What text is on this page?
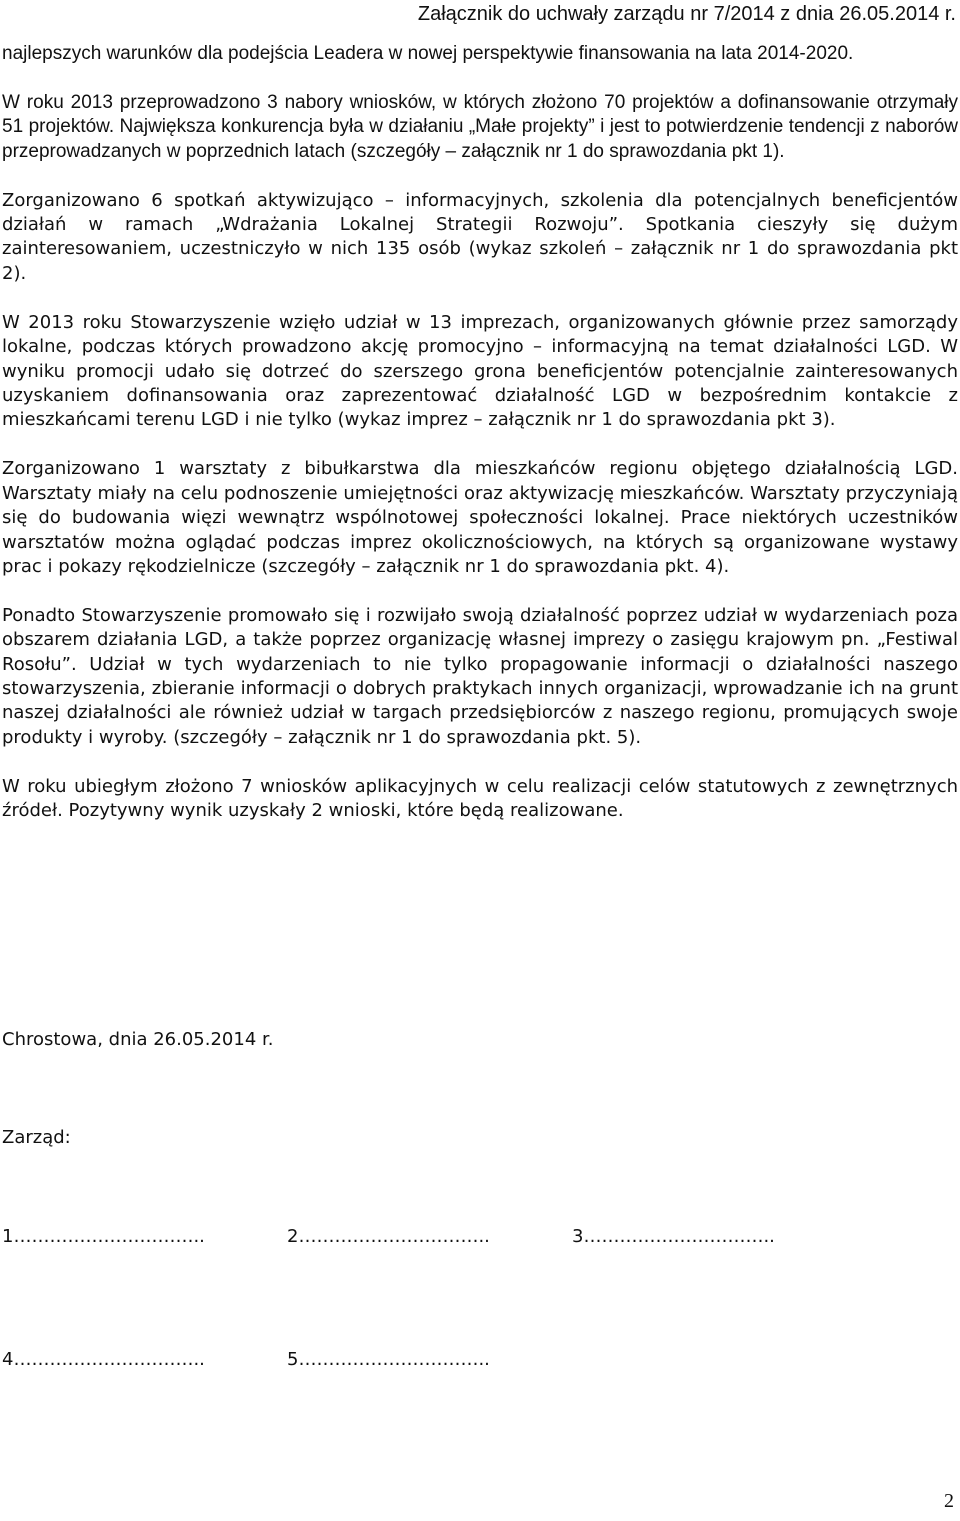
Załącznik do uchwały zarządu nr 7/2014 z dnia 26.05.2014 r.

najlepszych warunków dla podejścia Leadera w nowej perspektywie finansowania na lata 2014-2020.

W roku 2013 przeprowadzono 3 nabory wniosków, w których złożono 70 projektów a dofinansowanie otrzymały 51 projektów. Największa konkurencja była w działaniu „Małe projekty” i jest to potwierdzenie tendencji z naborów przeprowadzanych w poprzednich latach (szczegóły – załącznik nr 1 do sprawozdania pkt 1).

Zorganizowano 6 spotkań aktywizująco – informacyjnych, szkolenia dla potencjalnych beneficjentów działań w ramach „Wdrażania Lokalnej Strategii Rozwoju”. Spotkania cieszyły się dużym zainteresowaniem, uczestniczyło w nich 135 osób (wykaz szkoleń – załącznik nr 1 do sprawozdania pkt 2).

W 2013 roku Stowarzyszenie wzięło udział w 13 imprezach, organizowanych głównie przez samorządy lokalne, podczas których prowadzono akcję promocyjno – informacyjną na temat działalności LGD. W wyniku promocji udało się dotrzeć do szerszego grona beneficjentów potencjalnie zainteresowanych uzyskaniem dofinansowania oraz zaprezentować działalność LGD w bezpośrednim kontakcie z mieszkańcami terenu LGD i nie tylko (wykaz imprez – załącznik nr 1 do sprawozdania pkt 3).

Zorganizowano 1 warsztaty z bibułkarstwa dla mieszkańców regionu objętego działalnością LGD. Warsztaty miały na celu podnoszenie umiejętności oraz aktywizację mieszkańców. Warsztaty przyczyniają się do budowania więzi wewnątrz wspólnotowej społeczności lokalnej. Prace niektórych uczestników warsztatów można oglądać podczas imprez okolicznościowych, na których są organizowane wystawy prac i pokazy rękodzielnicze (szczegóły – załącznik nr 1 do sprawozdania pkt. 4).

Ponadto Stowarzyszenie promowało się i rozwijało swoją działalność poprzez udział w wydarzeniach poza obszarem działania LGD, a także poprzez organizację własnej imprezy o zasięgu krajowym pn. „Festiwal Rosołu”. Udział w tych wydarzeniach to nie tylko propagowanie informacji o działalności naszego stowarzyszenia, zbieranie informacji o dobrych praktykach innych organizacji, wprowadzanie ich na grunt naszej działalności ale również udział w targach przedsiębiorców z naszego regionu, promujących swoje produkty i wyroby. (szczegóły – załącznik nr 1 do sprawozdania pkt. 5).

W roku ubiegłym złożono 7 wniosków aplikacyjnych w celu realizacji celów statutowych z zewnętrznych źródeł. Pozytywny wynik uzyskały 2 wnioski, które będą realizowane.

Chrostowa, dnia 26.05.2014 r.
Zarząd:
1…………………………..	2…………………………..	3…………………………..
4…………………………..	5…………………………..
2
